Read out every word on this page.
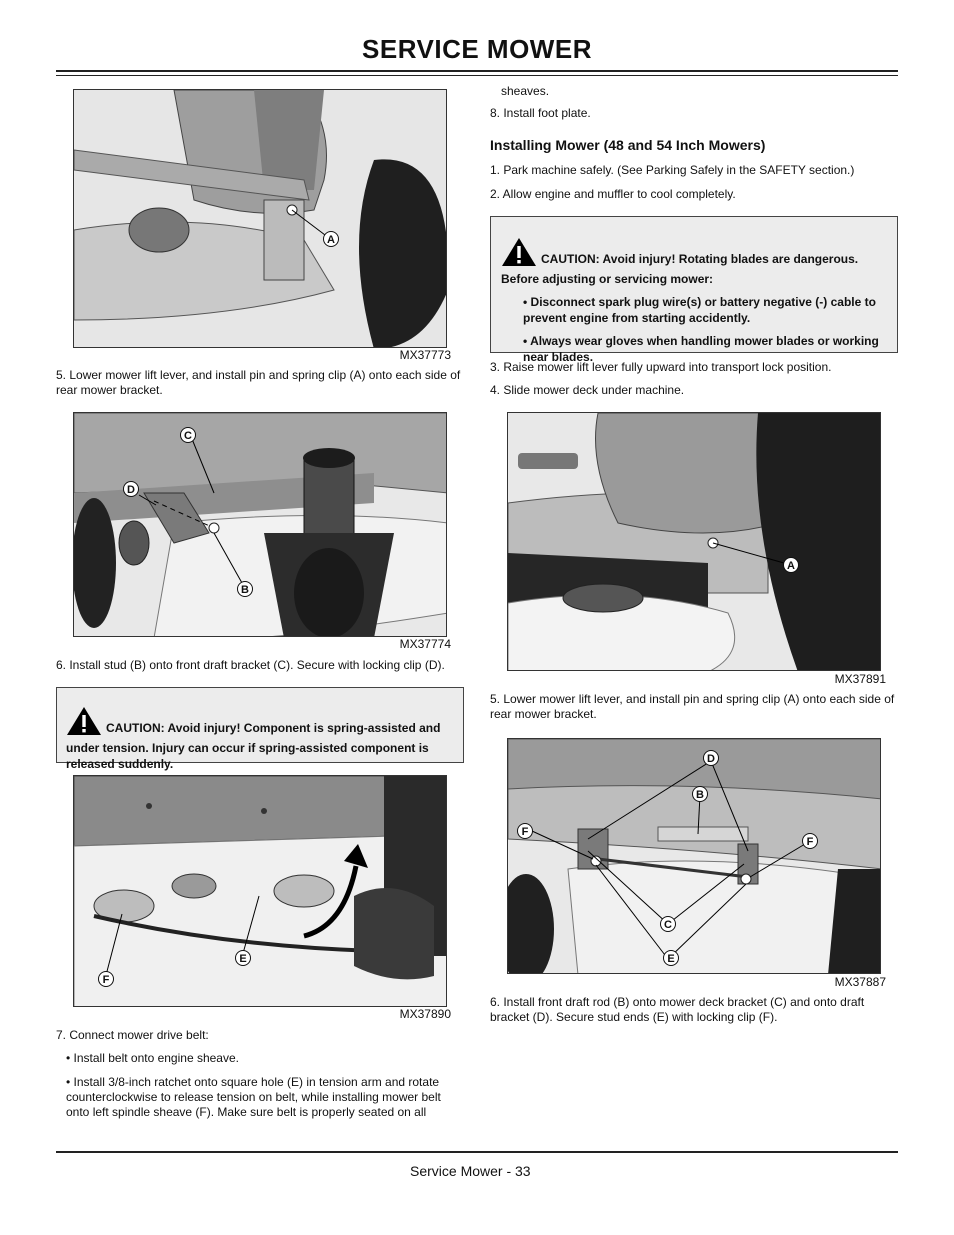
SERVICE MOWER
A
MX37773
5. Lower mower lift lever, and install pin and spring clip (A) onto each side of rear mower bracket.
C
D
B
MX37774
6. Install stud (B) onto front draft bracket (C). Secure with locking clip (D).
CAUTION: Avoid injury! Component is spring-assisted and
under tension. Injury can occur if spring-assisted component is released suddenly.
E
F
MX37890
7. Connect mower drive belt:
• Install belt onto engine sheave.
• Install 3/8-inch ratchet onto square hole (E) in tension arm and rotate counterclockwise to release tension on belt, while installing mower belt onto left spindle sheave (F). Make sure belt is properly seated on all
sheaves.
8. Install foot plate.
Installing Mower (48 and 54 Inch Mowers)
1. Park machine safely. (See Parking Safely in the SAFETY section.)
2. Allow engine and muffler to cool completely.
CAUTION: Avoid injury! Rotating blades are dangerous.
Before adjusting or servicing mower:
• Disconnect spark plug wire(s) or battery negative (-) cable to prevent engine from starting accidently.
• Always wear gloves when handling mower blades or working near blades.
3. Raise mower lift lever fully upward into transport lock position.
4. Slide mower deck under machine.
A
MX37891
5. Lower mower lift lever, and install pin and spring clip (A) onto each side of rear mower bracket.
D
B
F
F
C
E
MX37887
6. Install front draft rod (B) onto mower deck bracket (C) and onto draft bracket (D). Secure stud ends (E) with locking clip (F).
Service Mower - 33
